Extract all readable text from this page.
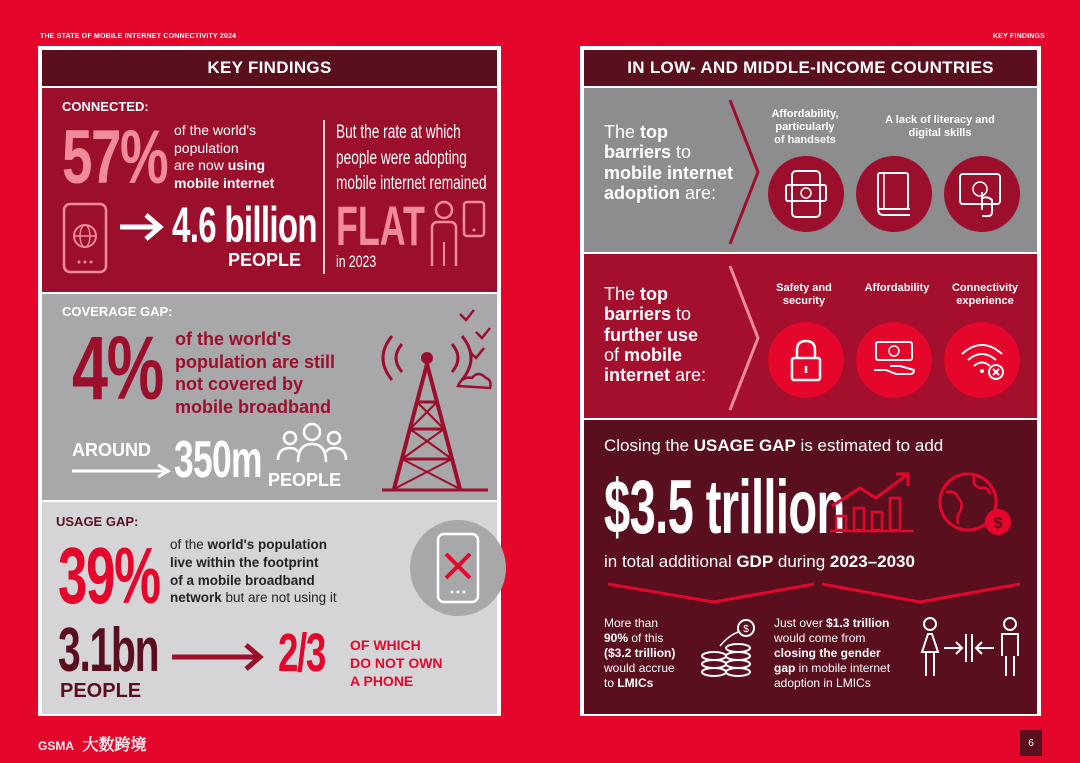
THE STATE OF MOBILE INTERNET CONNECTIVITY 2024	KEY FINDINGS
KEY FINDINGS
CONNECTED:
57% of the world's
population
are now using
mobile internet
4.6 billion
PEOPLE
But the rate at which
people were adopting
mobile internet remained
FLAT
in 2023
COVERAGE GAP:
4% of the world's
population are still
not covered by
mobile broadband
AROUND 350m PEOPLE
USAGE GAP:
39% of the world's population
live within the footprint
of a mobile broadband
network but are not using it
3.1bn
PEOPLE
2/3 OF WHICH
DO NOT OWN
A PHONE
IN LOW- AND MIDDLE-INCOME COUNTRIES
The top
barriers to
mobile internet
adoption are:
Affordability,
particularly
of handsets
A lack of literacy and
digital skills
The top
barriers to
further use
of mobile
internet are:
Safety and
security
Affordability	Connectivity
experience
Closing the USAGE GAP is estimated to add
$3.5 trillion	$
in total additional GDP during 2023–2030
More than
90% of this
($3.2 trillion)
would accrue
to LMICs
$ Just over $1.3 trillion
would come from
closing the gender
gap in mobile internet
adoption in LMICs
GSMA 大数跨境	6
